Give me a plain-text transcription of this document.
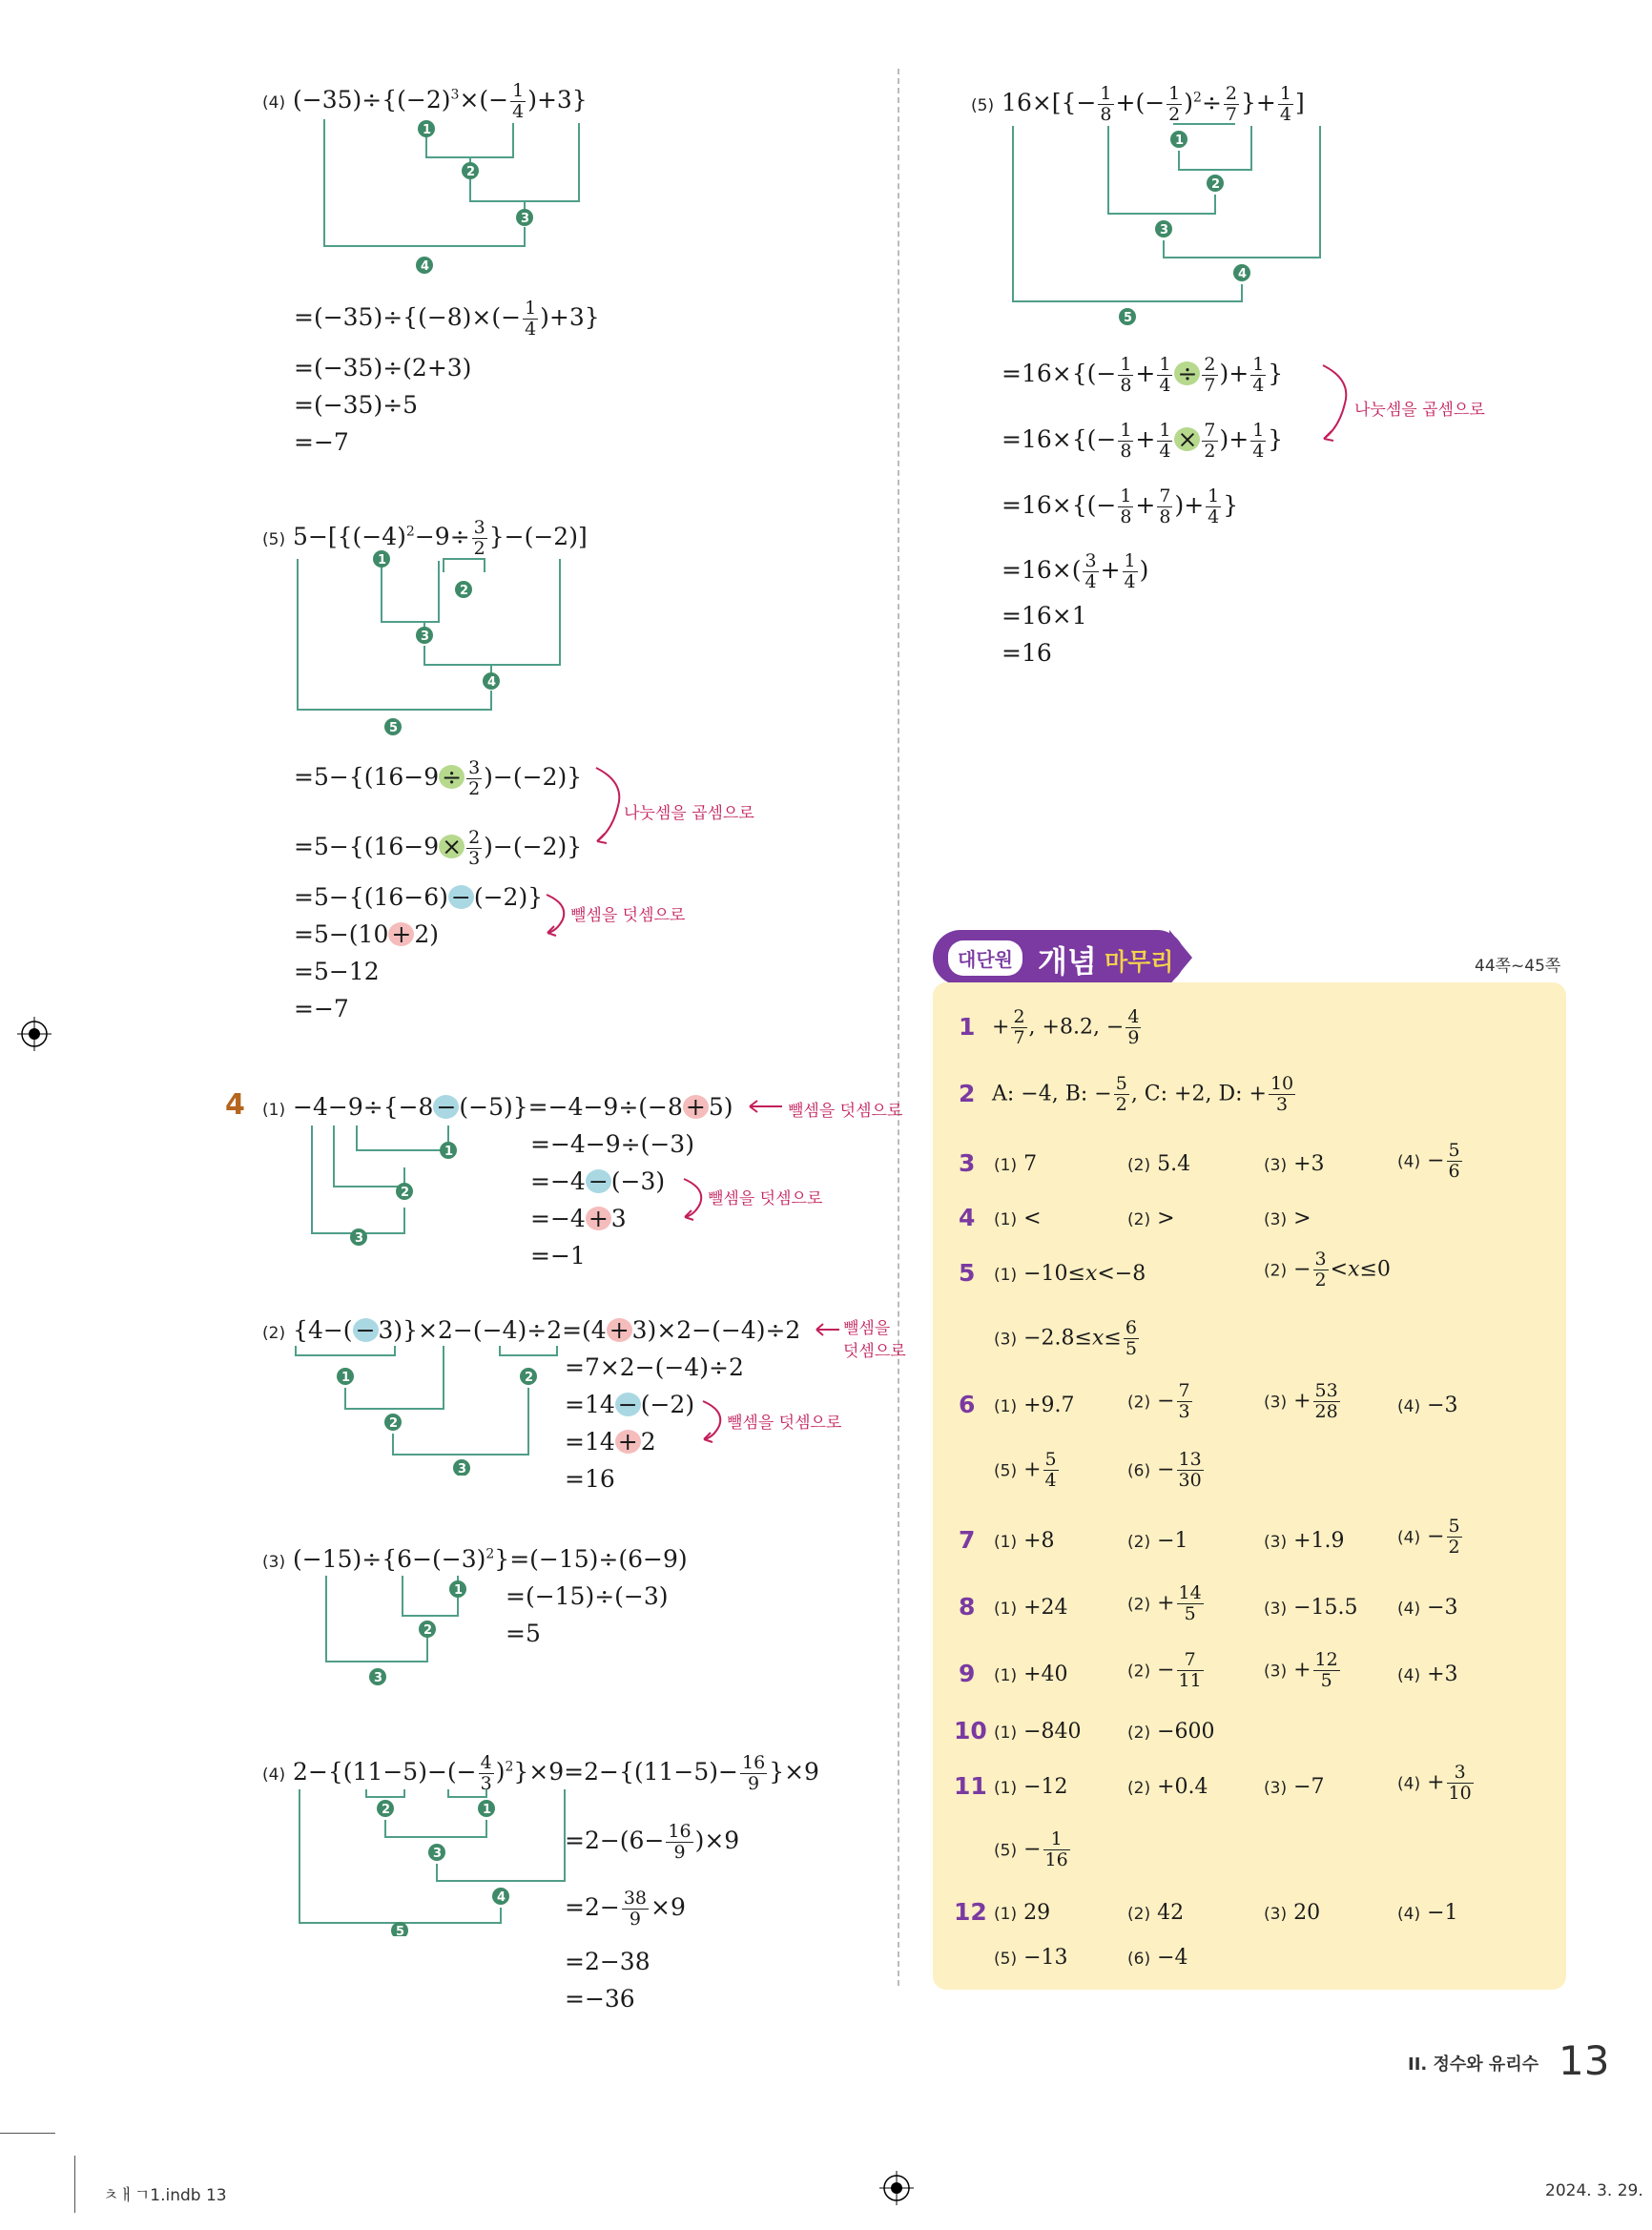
(4) $(-35)\div\{(-2)^3\times(- \frac{1}{4} )+3\}$
1
2
3
4
$=(-35)\div\{(-8)\times(- \frac{1}{4} )+3\}$
=(−35)÷(2+3)
=(−35)÷5
=−7
(5) $5-[\{(-4)^2-9\div \frac{3}{2} \}-(-2)]$
1
2
3
4
5
$=5-\{(16-9 \div \frac{3}{2} )-(-2)\}$
$=5-\{(16-9 \times \frac{2}{3} )-(-2)\}$
나눗셈을 곱셈으로
=5−{(16−6) − (−2)}
=5−(10 + 2)
뺄셈을 덧셈으로
=5−12
=−7
4 (1) −4−9÷{−8 − (−5)}=−4−9÷(−8 + 5)	뺄셈을 덧셈으로
1
2
3
=−4−9÷(−3)
=−4 − (−3)
=−4 + 3
뺄셈을 덧셈으로
=−1
(2) {4−( − 3)}×2−(−4)÷2=(4 + 3)×2−(−4)÷2	뺄셈을
덧셈으로
1	2
2
3
=7×2−(−4)÷2
=14 − (−2)
=14 + 2
뺄셈을 덧셈으로
=16
(3) $(-15)\div\{6-(-3)^2\}=(-15)\div(6-9)$
1
2
3
=(−15)÷(−3)
=5
(4) $2-\{(11-5)-(- \frac{4}{3} )^2\}\times 9=2-\{(11-5)- \frac{16}{9} \}\times 9$
2	1
3
4
5
$=2-(6- \frac{16}{9} )\times 9$
$=2- \frac{38}{9} \times 9$
=2−38
=−36
(5) $16\times[\{- \frac{1}{8}$ +(− $\frac{1}{2} )^2\div \frac{2}{7}$ }+ $\frac{1}{4}$ ]
1
2
3
4
5
$=16\times\{(- \frac{1}{8} + \frac{1}{4} \div \frac{2}{7}$ )+ $\frac{1}{4}$ }
$=16\times\{(- \frac{1}{8} + \frac{1}{4} \times \frac{7}{2}$ )+ $\frac{1}{4}$ }
나눗셈을 곱셈으로
$=16\times\{(- \frac{1}{8} + \frac{7}{8}$ )+ $\frac{1}{4}$ }
$=16\times( \frac{3}{4} + \frac{1}{4}$ )
=16×1
=16
대단원 개념 마무리	44쪽~45쪽
$1 + \frac{2}{7}$ , +8.2, − $\frac{4}{9}$
2 A: −4, B: − $\frac{5}{2}$ , C: +2, D: + $\frac{10}{3}$
3 (1) 7	(2) 5.4	(3) +3	$(4) - \frac{5}{6}$
4 (1) <	(2) >	(3) >
5 (1) −10≤x<−8	$(2) - \frac{3}{2} <x\le 0$
$(3) -2.8\le x\le \frac{6}{5}$
6 (1) +9.7	$(2) - \frac{7}{3}$	$(3) + \frac{53}{28}$	(4) −3
$(5) + \frac{5}{4}$	$(6) - \frac{13}{30}$
7 (1) +8	(2) −1	(3) +1.9	$(4) - \frac{5}{2}$
8 (1) +24	$(2) + \frac{14}{5}$	(3) −15.5 (4) −3
9 (1) +40	$(2) - \frac{7}{11}$	$(3) + \frac{12}{5}$	(4) +3
10 (1) −840	(2) −600
11 (1) −12	(2) +0.4	(3) −7	$(4) + \frac{3}{10}$
$(5) - \frac{1}{16}$
12 (1) 29	(2) 42	(3) 20	(4) −1
(5) −13	(6) −4
II. 정수와 유리수 13
ㅊㅐㄱ1.indb 13	2024. 3. 29.
